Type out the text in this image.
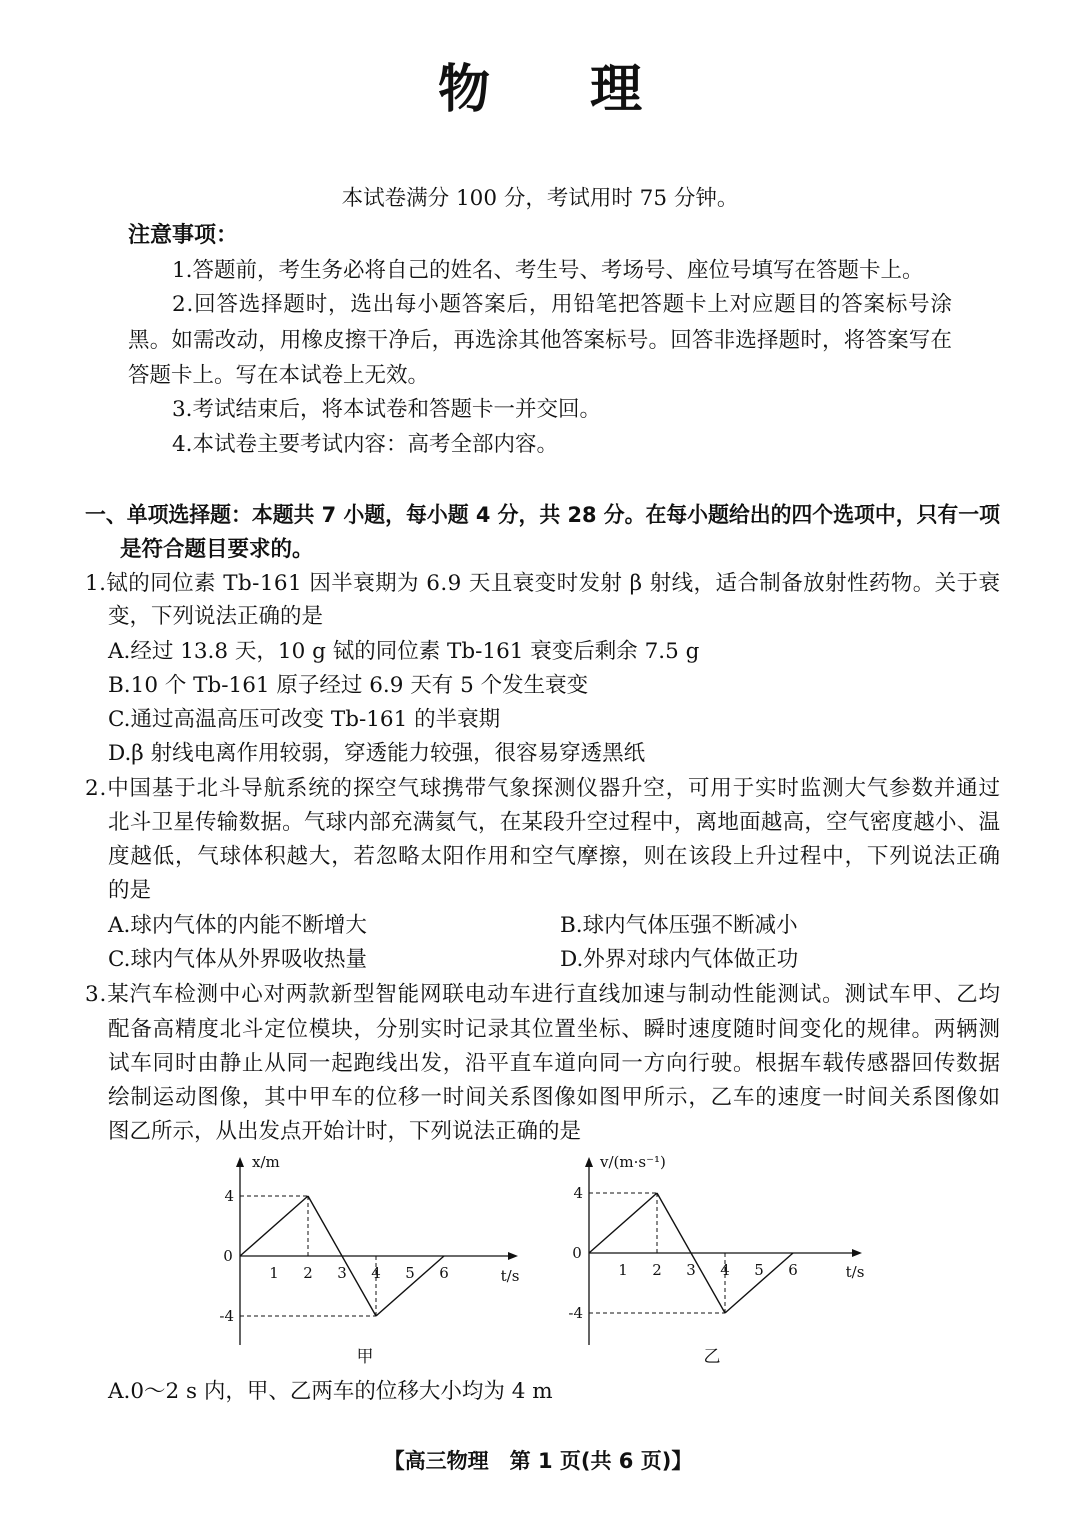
物理
本试卷满分 100 分，考试用时 75 分钟。
注意事项：
1.答题前，考生务必将自己的姓名、考生号、考场号、座位号填写在答题卡上。
2.回答选择题时，选出每小题答案后，用铅笔把答题卡上对应题目的答案标号涂
黑。如需改动，用橡皮擦干净后，再选涂其他答案标号。回答非选择题时，将答案写在
答题卡上。写在本试卷上无效。
3.考试结束后，将本试卷和答题卡一并交回。
4.本试卷主要考试内容：高考全部内容。
一、单项选择题：本题共 7 小题，每小题 4 分，共 28 分。在每小题给出的四个选项中，只有一项
是符合题目要求的。
1.铽的同位素 Tb-161 因半衰期为 6.9 天且衰变时发射 β 射线，适合制备放射性药物。关于衰
变，下列说法正确的是
A.经过 13.8 天，10 g 铽的同位素 Tb-161 衰变后剩余 7.5 g
B.10 个 Tb-161 原子经过 6.9 天有 5 个发生衰变
C.通过高温高压可改变 Tb-161 的半衰期
D.β 射线电离作用较弱，穿透能力较强，很容易穿透黑纸
2.中国基于北斗导航系统的探空气球携带气象探测仪器升空，可用于实时监测大气参数并通过
北斗卫星传输数据。气球内部充满氦气，在某段升空过程中，离地面越高，空气密度越小、温
度越低，气球体积越大，若忽略太阳作用和空气摩擦，则在该段上升过程中，下列说法正确
的是
A.球内气体的内能不断增大	B.球内气体压强不断减小
C.球内气体从外界吸收热量	D.外界对球内气体做正功
3.某汽车检测中心对两款新型智能网联电动车进行直线加速与制动性能测试。测试车甲、乙均
配备高精度北斗定位模块，分别实时记录其位置坐标、瞬时速度随时间变化的规律。两辆测
试车同时由静止从同一起跑线出发，沿平直车道向同一方向行驶。根据车载传感器回传数据
绘制运动图像，其中甲车的位移一时间关系图像如图甲所示，乙车的速度一时间关系图像如
图乙所示，从出发点开始计时，下列说法正确的是
0
x/m
t/s
1 2 3 4 5 6
4
-4
甲
0
v/(m·s⁻¹)
t/s
1 2 3 4 5 6
4
-4
乙
A.0～2 s 内，甲、乙两车的位移大小均为 4 m
【高三物理　第 1 页(共 6 页)】
